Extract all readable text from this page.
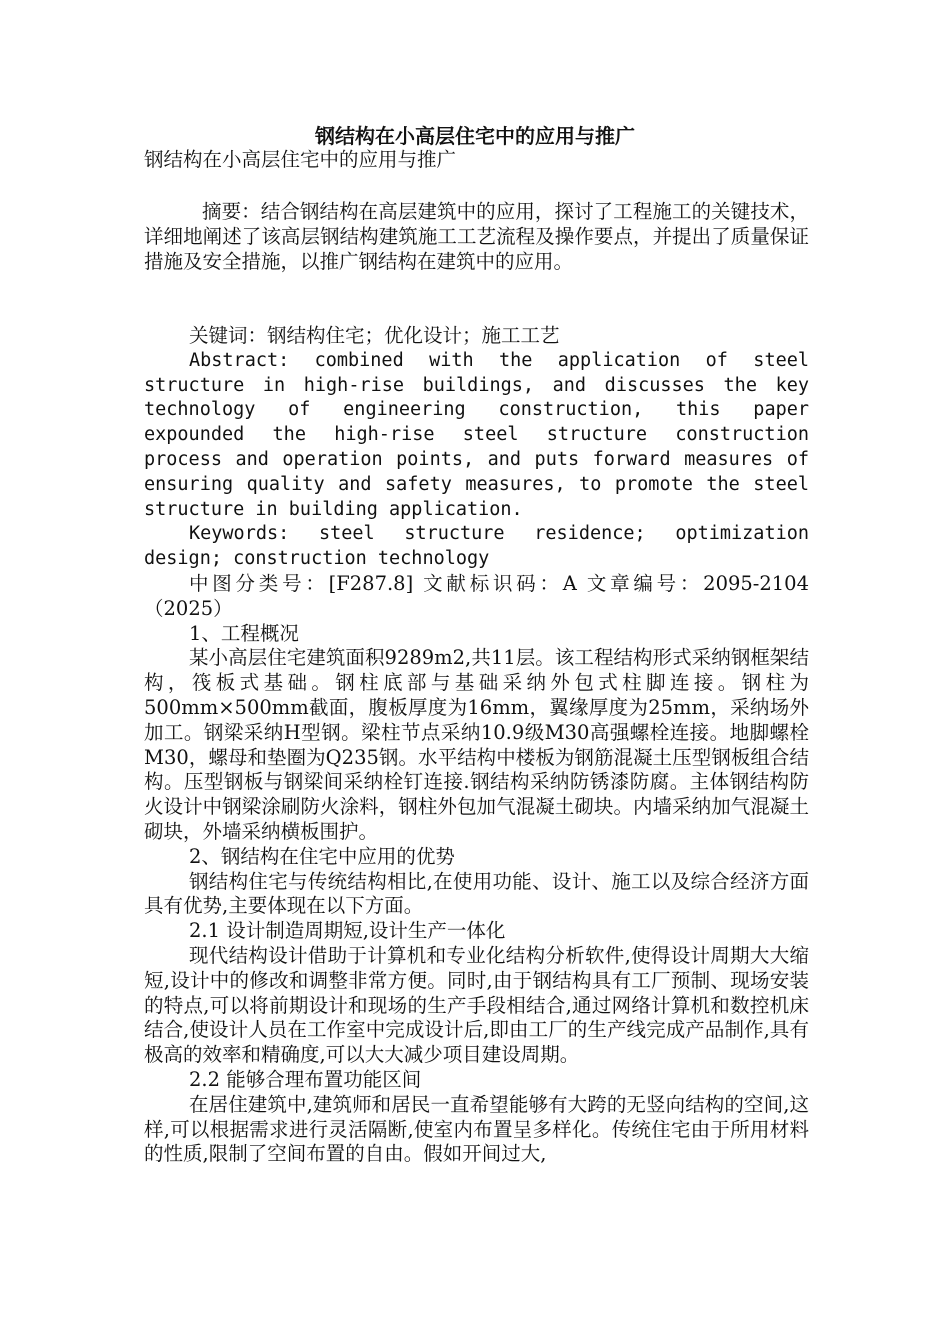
钢结构在小高层住宅中的应用与推广

钢结构在小高层住宅中的应用与推广

摘要：结合钢结构在高层建筑中的应用，探讨了工程施工的关键技术，详细地阐述了该高层钢结构建筑施工工艺流程及操作要点，并提出了质量保证措施及安全措施，以推广钢结构在建筑中的应用。

关键词：钢结构住宅；优化设计；施工工艺

Abstract: combined with the application of steel structure in high-rise buildings, and discusses the key technology of engineering construction, this paper expounded the high-rise steel structure construction process and operation points, and puts forward measures of ensuring quality and safety measures, to promote the steel structure in building application.

Keywords: steel structure residence; optimization design; construction technology

中图分类号：[F287.8] 文献标识码：A 文章编号：2095-2104（2025）

1、工程概况

某小高层住宅建筑面积9289m2,共11层。该工程结构形式采纳钢框架结构，筏板式基础。钢柱底部与基础采纳外包式柱脚连接。钢柱为500mm×500mm截面，腹板厚度为16mm，翼缘厚度为25mm，采纳场外加工。钢梁采纳H型钢。梁柱节点采纳10.9级M30高强螺栓连接。地脚螺栓M30，螺母和垫圈为Q235钢。水平结构中楼板为钢筋混凝土压型钢板组合结构。压型钢板与钢梁间采纳栓钉连接.钢结构采纳防锈漆防腐。主体钢结构防火设计中钢梁涂刷防火涂料，钢柱外包加气混凝土砌块。内墙采纳加气混凝土砌块，外墙采纳横板围护。

2、钢结构在住宅中应用的优势

钢结构住宅与传统结构相比,在使用功能、设计、施工以及综合经济方面具有优势,主要体现在以下方面。

2.1 设计制造周期短,设计生产一体化

现代结构设计借助于计算机和专业化结构分析软件,使得设计周期大大缩短,设计中的修改和调整非常方便。同时,由于钢结构具有工厂预制、现场安装的特点,可以将前期设计和现场的生产手段相结合,通过网络计算机和数控机床结合,使设计人员在工作室中完成设计后,即由工厂的生产线完成产品制作,具有极高的效率和精确度,可以大大减少项目建设周期。

2.2 能够合理布置功能区间

在居住建筑中,建筑师和居民一直希望能够有大跨的无竖向结构的空间,这样,可以根据需求进行灵活隔断,使室内布置呈多样化。传统住宅由于所用材料的性质,限制了空间布置的自由。假如开间过大,
